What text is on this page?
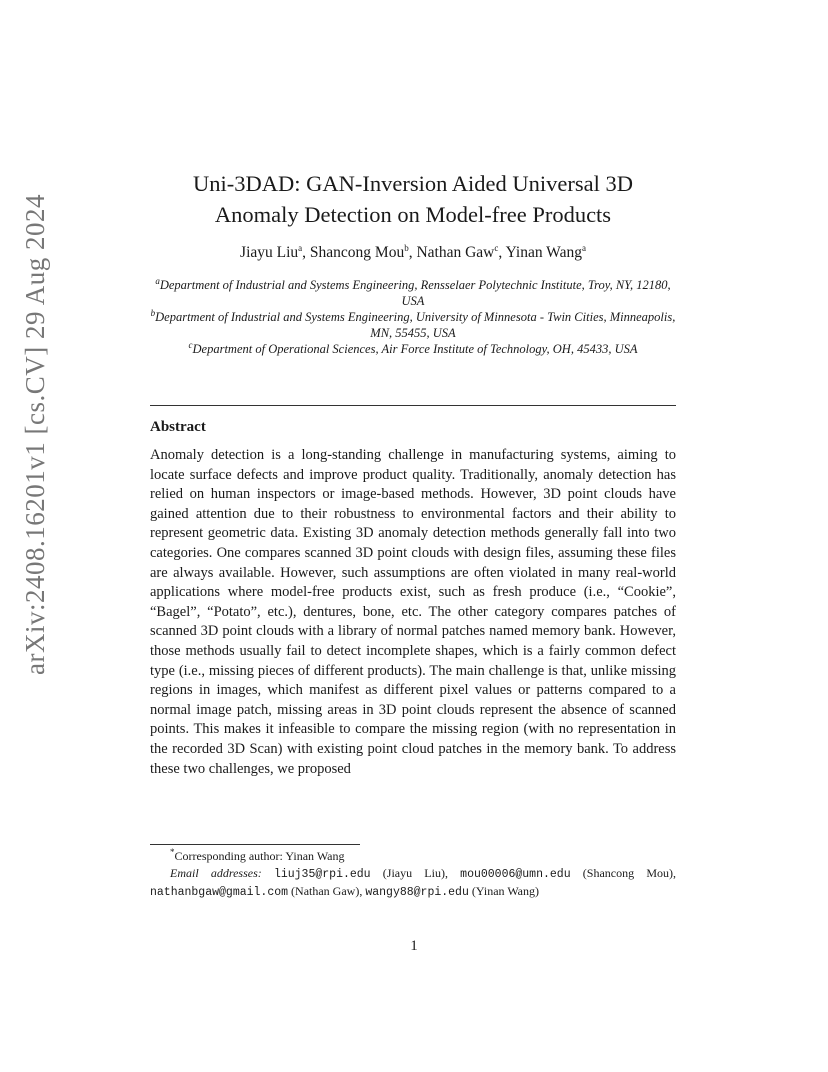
arXiv:2408.16201v1 [cs.CV] 29 Aug 2024
Uni-3DAD: GAN-Inversion Aided Universal 3D
Anomaly Detection on Model-free Products
Jiayu Liu$^a$, Shancong Mou$^b$, Nathan Gaw$^c$, Yinan Wang$^a$
$^a$Department of Industrial and Systems Engineering, Rensselaer Polytechnic Institute, Troy, NY, 12180, USA
$^b$Department of Industrial and Systems Engineering, University of Minnesota - Twin Cities, Minneapolis, MN, 55455, USA
$^c$Department of Operational Sciences, Air Force Institute of Technology, OH, 45433, USA
Abstract
Anomaly detection is a long-standing challenge in manufacturing systems, aiming to locate surface defects and improve product quality. Traditionally, anomaly detection has relied on human inspectors or image-based methods. However, 3D point clouds have gained attention due to their robustness to environmental factors and their ability to represent geometric data. Existing 3D anomaly detection methods generally fall into two categories. One compares scanned 3D point clouds with design files, assuming these files are always available. However, such assumptions are often violated in many real-world applications where model-free products exist, such as fresh produce (i.e., “Cookie”, “Bagel”, “Potato”, etc.), dentures, bone, etc. The other category compares patches of scanned 3D point clouds with a library of normal patches named memory bank. However, those methods usually fail to detect incomplete shapes, which is a fairly common defect type (i.e., missing pieces of different products). The main challenge is that, unlike missing regions in images, which manifest as different pixel values or patterns compared to a normal image patch, missing areas in 3D point clouds represent the absence of scanned points. This makes it infeasible to compare the missing region (with no representation in the recorded 3D Scan) with existing point cloud patches in the memory bank. To address these two challenges, we proposed
*Corresponding author: Yinan Wang
Email addresses: liuj35@rpi.edu (Jiayu Liu), mou00006@umn.edu (Shancong Mou), nathanbgaw@gmail.com (Nathan Gaw), wangy88@rpi.edu (Yinan Wang)
1
